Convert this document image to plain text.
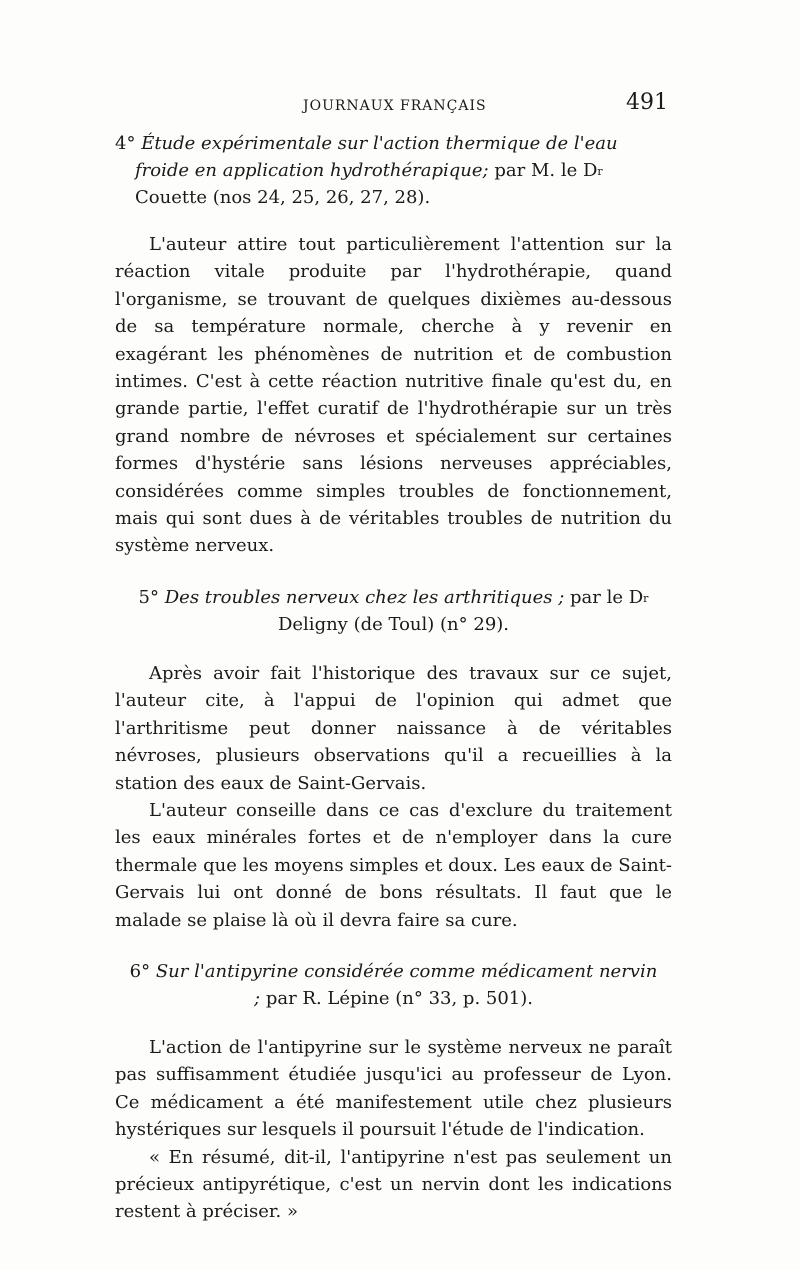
JOURNAUX FRANÇAIS	491

4° Étude expérimentale sur l'action thermique de l'eau froide en application hydrothérapique; par M. le $D^r$ Couette (nos 24, 25, 26, 27, 28).

L'auteur attire tout particulièrement l'attention sur la réaction vitale produite par l'hydrothérapie, quand l'organisme, se trouvant de quelques dixièmes au-dessous de sa température normale, cherche à y revenir en exagérant les phénomènes de nutrition et de combustion intimes. C'est à cette réaction nutritive finale qu'est du, en grande partie, l'effet curatif de l'hydrothérapie sur un très grand nombre de névroses et spécialement sur certaines formes d'hystérie sans lésions nerveuses appréciables, considérées comme simples troubles de fonctionnement, mais qui sont dues à de véritables troubles de nutrition du système nerveux.

5° Des troubles nerveux chez les arthritiques ; par le $D^r$ Deligny (de Toul) (n° 29).

Après avoir fait l'historique des travaux sur ce sujet, l'auteur cite, à l'appui de l'opinion qui admet que l'arthritisme peut donner naissance à de véritables névroses, plusieurs observations qu'il a recueillies à la station des eaux de Saint-Gervais.

L'auteur conseille dans ce cas d'exclure du traitement les eaux minérales fortes et de n'employer dans la cure thermale que les moyens simples et doux. Les eaux de Saint-Gervais lui ont donné de bons résultats. Il faut que le malade se plaise là où il devra faire sa cure.

6° Sur l'antipyrine considérée comme médicament nervin ; par R. Lépine (n° 33, p. 501).

L'action de l'antipyrine sur le système nerveux ne paraît pas suffisamment étudiée jusqu'ici au professeur de Lyon. Ce médicament a été manifestement utile chez plusieurs hystériques sur lesquels il poursuit l'étude de l'indication.

« En résumé, dit-il, l'antipyrine n'est pas seulement un précieux antipyrétique, c'est un nervin dont les indications restent à préciser. »
